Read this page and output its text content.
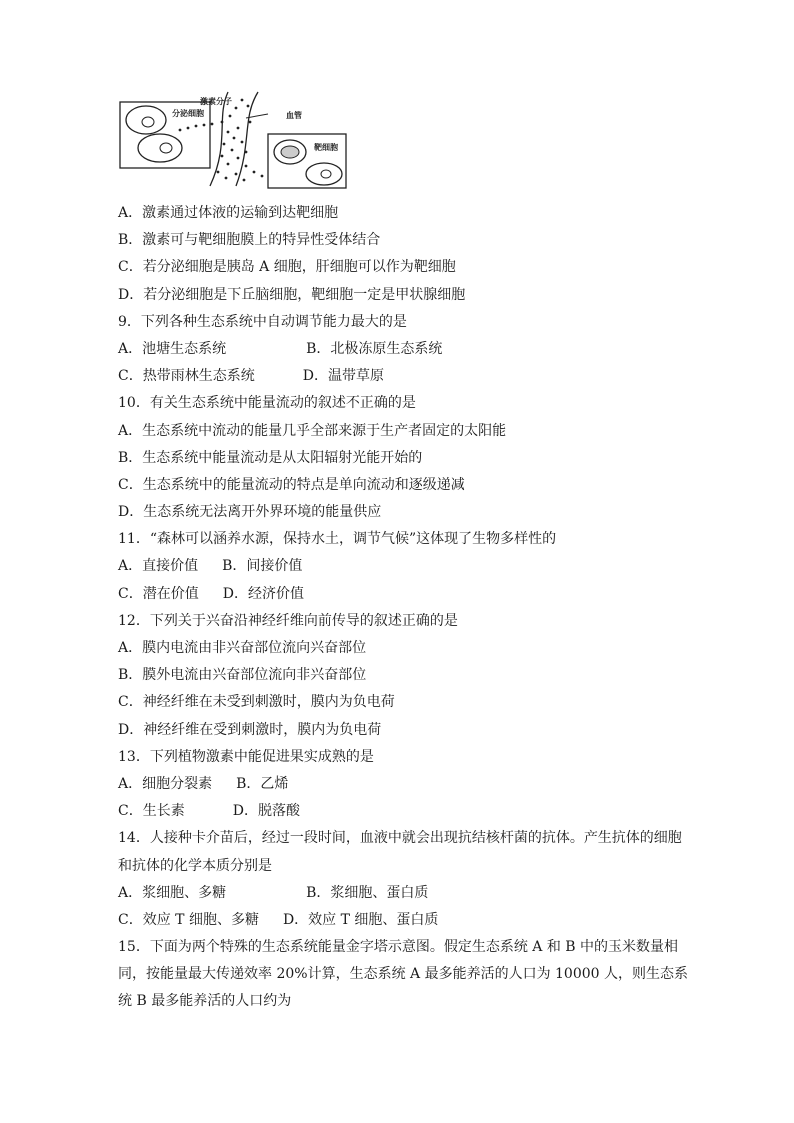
分泌细胞
激素分子
血管
靶细胞
A．激素通过体液的运输到达靶细胞
B．激素可与靶细胞膜上的特异性受体结合
C．若分泌细胞是胰岛 A 细胞，肝细胞可以作为靶细胞
D．若分泌细胞是下丘脑细胞，靶细胞一定是甲状腺细胞
9．下列各种生态系统中自动调节能力最大的是
A．池塘生态系统	B．北极冻原生态系统
C．热带雨林生态系统	D．温带草原
10．有关生态系统中能量流动的叙述不正确的是
A．生态系统中流动的能量几乎全部来源于生产者固定的太阳能
B．生态系统中能量流动是从太阳辐射光能开始的
C．生态系统中的能量流动的特点是单向流动和逐级递减
D．生态系统无法离开外界环境的能量供应
11．“森林可以涵养水源，保持水土，调节气候”这体现了生物多样性的
A．直接价值 B．间接价值
C．潜在价值 D．经济价值
12．下列关于兴奋沿神经纤维向前传导的叙述正确的是
A．膜内电流由非兴奋部位流向兴奋部位
B．膜外电流由兴奋部位流向非兴奋部位
C．神经纤维在未受到刺激时，膜内为负电荷
D．神经纤维在受到刺激时，膜内为负电荷
13．下列植物激素中能促进果实成熟的是
A．细胞分裂素 B．乙烯
C．生长素	D．脱落酸
14．人接种卡介苗后，经过一段时间，血液中就会出现抗结核杆菌的抗体。产生抗体的细胞
和抗体的化学本质分别是
A．浆细胞、多糖	B．浆细胞、蛋白质
C．效应 T 细胞、多糖 D．效应 T 细胞、蛋白质
15．下面为两个特殊的生态系统能量金字塔示意图。假定生态系统 A 和 B 中的玉米数量相
同，按能量最大传递效率 20%计算，生态系统 A 最多能养活的人口为 10000 人，则生态系
统 B 最多能养活的人口约为
